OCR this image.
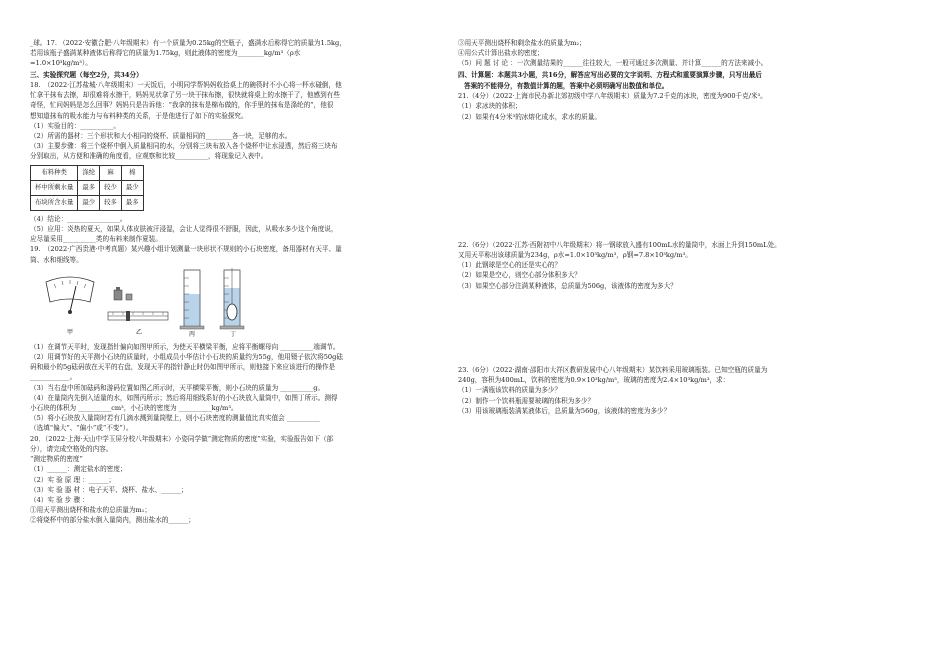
_球。17. （2022·安徽合肥·八年级期末）有一个质量为0.25kg的空瓶子，盛满水后称得它的质量为1.5kg，

若用该瓶子盛满某种液体后称得它的质量为1.75kg，则此液体的密度为________kg/m³（ρ水

=1.0×10³kg/m³）。

三、实验探究题（每空2分，共34分）

18.　（2022·江苏盐城·八年级期末）一天饭后，小明同学帮妈妈收拾桌上的碗筷时不小心将一杯水碰倒，他

忙拿干抹布去擦，却很难将水擦干，妈妈见状拿了另一块干抹布擦，很快就将桌上的水擦干了，他感到有些

奇怪，忙问妈妈是怎么回事？妈妈只是告诉他：“我拿的抹布是棉布做的，你手里的抹布是涤纶的”，他很

想知道抹布的吸水能力与布料种类的关系，于是他进行了如下的实验探究。

（1）实验目的：__________。

（2）所需的器材：三个形状和大小相同的烧杯、质量相同的________各一块，足够的水。

（3）主要步骤：将三个烧杯中倒入质量相同的水，分别将三块布放入各个烧杯中让水浸透，然后将三块布

分别取出，从方便和准确的角度看，应观察和比较__________，将现象记入表中。

布料种类	涤纶	麻	棉
杯中所剩水量	最多	较少	最少
布块所含水量	最少	较多	最多

（4）结论：________________。

（5）应用：炎热的夏天，如果人体皮肤被汗浸湿，会让人觉得很不舒服，因此，从吸水多少这个角度说，

应尽量采用__________类的布料来制作夏装。

19.　（2022·广西贵港·中考真题）某兴趣小组计划测量一块形状不规则的小石块密度，备用器材有天平、量

筒、水和细线等。

甲	乙	丙	丁

（1）在调节天平时，发现指针偏向如图甲所示，为使天平横梁平衡，应将平衡螺母向 __________端调节。

（2）用调节好的天平测小石块的质量时，小组成员小华估计小石块的质量约为55g，他用镊子依次将50g砝

码和最小的5g砝码放在天平的右盘，发现天平的指针静止时仍如图甲所示，则他接下来应该进行的操作是

____________。

（3）当右盘中所加砝码和游码位置如图乙所示时，天平横梁平衡，则小石块的质量为 __________g。

（4）在量筒内先倒入适量的水，如图丙所示；然后将用细线系好的小石块放入量筒中，如图丁所示。测得

小石块的体积为 __________cm³，小石块的密度为 __________kg/m³。

（5）将小石块放入量筒时若有几滴水溅到量筒壁上，则小石块密度的测量值比真实值会 __________

（选填“偏大”、“偏小”或“不变”）。

20．（2022·上海·天山中学玉屏分校八年级期末）小姿同学做“测定物质的密度”实验，实验报告如下（部

分），请完成空格处的内容。

“测定物质的密度”

（1）______：测定盐水的密度；

（2）实 验 原 理 ：______；

（3）实 验 器 材 ：电子天平、烧杯、盐水、______；

（4）实 验 步 骤 ：

①用天平测出烧杯和盐水的总质量为m₁；

②将烧杯中的部分盐水倒入量筒内，测出盐水的______；

③用天平测出烧杯和剩余盐水的质量为m₂；

④用公式计算出盐水的密度；

（5）问 题 讨 论 ：一次测量结果的______往往较大，一般可通过多次测量、并计算______的方法来减小。

四、计算题：本题共3小题，共16分，解答应写出必要的文字说明、方程式和重要演算步骤，只写出最后

答案的不能得分，有数值计算的题，答案中必须明确写出数值和单位。

21.（4分）（2022·上海市民办新北郊初级中学八年级期末）质量为7.2千克的冰块，密度为900千克/米³。

（1）求冰块的体积；

（2）如果有4分米³的冰熔化成水，求水的质量。

22.（6分）（2022·江苏·西附初中八年级期末）将一钢球放入盛有100mL水的量筒中，水面上升到150mL处。

又用天平称出该球质量为234g，ρ水=1.0×10³kg/m³，ρ钢=7.8×10³kg/m³。

（1）此钢球是空心的还是实心的？

（2）如果是空心，则空心部分体积多大？

（3）如果空心部分注满某种液体，总质量为506g，该液体的密度为多大？

23.（6分）（2022·湖南·邵阳市大祥区教研发展中心八年级期末）某饮料采用玻璃瓶装。已知空瓶的质量为

240g，容积为400mL，饮料的密度为0.9×10³kg/m³，玻璃的密度为2.4×10³kg/m³，求：

（1）一满瓶该饮料的质量为多少？

（2）制作一个饮料瓶需要玻璃的体积为多少？

（3）用该玻璃瓶装满某液体后，总质量为560g，该液体的密度为多少？
